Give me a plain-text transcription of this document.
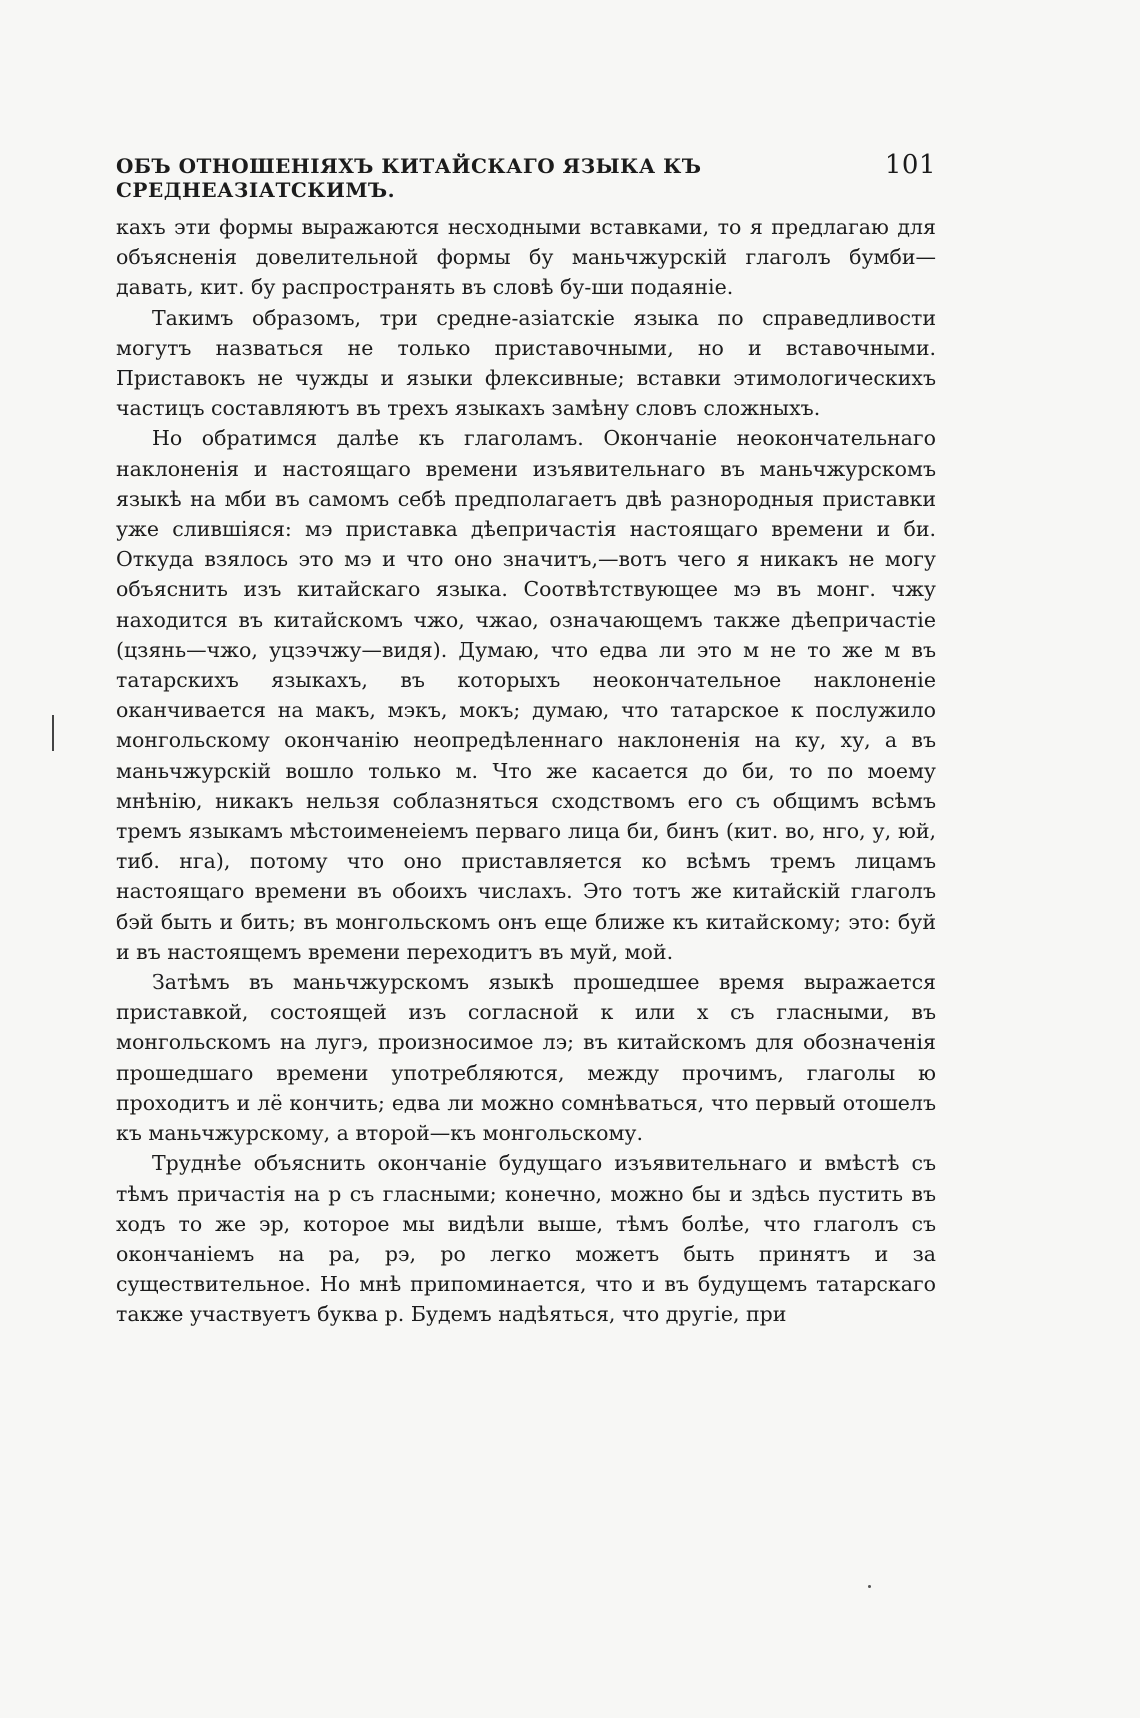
ОБЪ ОТНОШЕНІЯХЪ КИТАЙСКАГО ЯЗЫКА КЪ СРЕДНЕАЗІАТСКИМЪ.
101

кахъ эти формы выражаются несходными вставками, то я предлагаю для объясненія довелительной формы бу маньчжурскій глаголъ бумби—давать, кит. бу распространять въ словѣ бу-ши подаяніе.

Такимъ образомъ, три средне-азіатскіе языка по справедливости могутъ назваться не только приставочными, но и вставочными. Приставокъ не чужды и языки флексивные; вставки этимологическихъ частицъ составляютъ въ трехъ языкахъ замѣну словъ сложныхъ.

Но обратимся далѣе къ глаголамъ. Окончаніе неокончательнаго наклоненія и настоящаго времени изъявительнаго въ маньчжурскомъ языкѣ на мби въ самомъ себѣ предполагаетъ двѣ разнородныя приставки уже слившіяся: мэ приставка дѣепричастія настоящаго времени и би. Откуда взялось это мэ и что оно значитъ,—вотъ чего я никакъ не могу объяснить изъ китайскаго языка. Соотвѣтствующее мэ въ монг. чжу находится въ китайскомъ чжо, чжао, означающемъ также дѣепричастіе (цзянь—чжо, уцзэчжу—видя). Думаю, что едва ли это м не то же м въ татарскихъ языкахъ, въ которыхъ неокончательное наклоненіе оканчивается на макъ, мэкъ, мокъ; думаю, что татарское к послужило монгольскому окончанію неопредѣленнаго наклоненія на ку, ху, а въ маньчжурскій вошло только м. Что же касается до би, то по моему мнѣнію, никакъ нельзя соблазняться сходствомъ его съ общимъ всѣмъ тремъ языкамъ мѣстоименеіемъ перваго лица би, бинъ (кит. во, нго, у, юй, тиб. нга), потому что оно приставляется ко всѣмъ тремъ лицамъ настоящаго времени въ обоихъ числахъ. Это тотъ же китайскій глаголъ бэй быть и бить; въ монгольскомъ онъ еще ближе къ китайскому; это: буй и въ настоящемъ времени переходитъ въ муй, мой.

Затѣмъ въ маньчжурскомъ языкѣ прошедшее время выражается приставкой, состоящей изъ согласной к или х съ гласными, въ монгольскомъ на лугэ, произносимое лэ; въ китайскомъ для обозначенія прошедшаго времени употребляются, между прочимъ, глаголы ю проходитъ и лё кончить; едва ли можно сомнѣваться, что первый отошелъ къ маньчжурскому, а второй—къ монгольскому.

Труднѣе объяснить окончаніе будущаго изъявительнаго и вмѣстѣ съ тѣмъ причастія на р съ гласными; конечно, можно бы и здѣсь пустить въ ходъ то же эр, которое мы видѣли выше, тѣмъ болѣе, что глаголъ съ окончаніемъ на ра, рэ, ро легко можетъ быть принятъ и за существительное. Но мнѣ припоминается, что и въ будущемъ татарскаго также участвуетъ буква р. Будемъ надѣяться, что другіе, при
